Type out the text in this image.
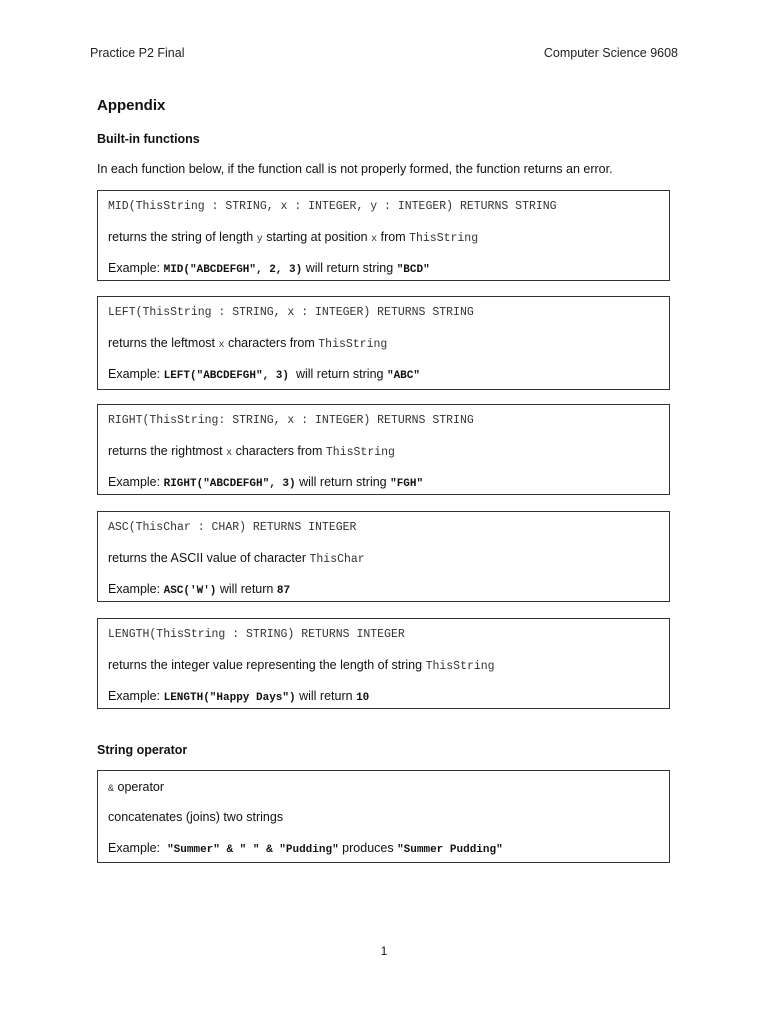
Practice P2 Final	Computer Science 9608
Appendix
Built-in functions
In each function below, if the function call is not properly formed, the function returns an error.
MID(ThisString : STRING, x : INTEGER, y : INTEGER) RETURNS STRING
returns the string of length y starting at position x from ThisString
Example: MID("ABCDEFGH", 2, 3) will return string "BCD"
LEFT(ThisString : STRING, x : INTEGER) RETURNS STRING
returns the leftmost x characters from ThisString
Example: LEFT("ABCDEFGH", 3)  will return string "ABC"
RIGHT(ThisString: STRING, x : INTEGER) RETURNS STRING
returns the rightmost x characters from ThisString
Example: RIGHT("ABCDEFGH", 3) will return string "FGH"
ASC(ThisChar : CHAR) RETURNS INTEGER
returns the ASCII value of character ThisChar
Example: ASC('W') will return 87
LENGTH(ThisString : STRING) RETURNS INTEGER
returns the integer value representing the length of string ThisString
Example: LENGTH("Happy Days") will return 10
String operator
& operator
concatenates (joins) two strings
Example:  "Summer" & " " & "Pudding" produces "Summer Pudding"
1
